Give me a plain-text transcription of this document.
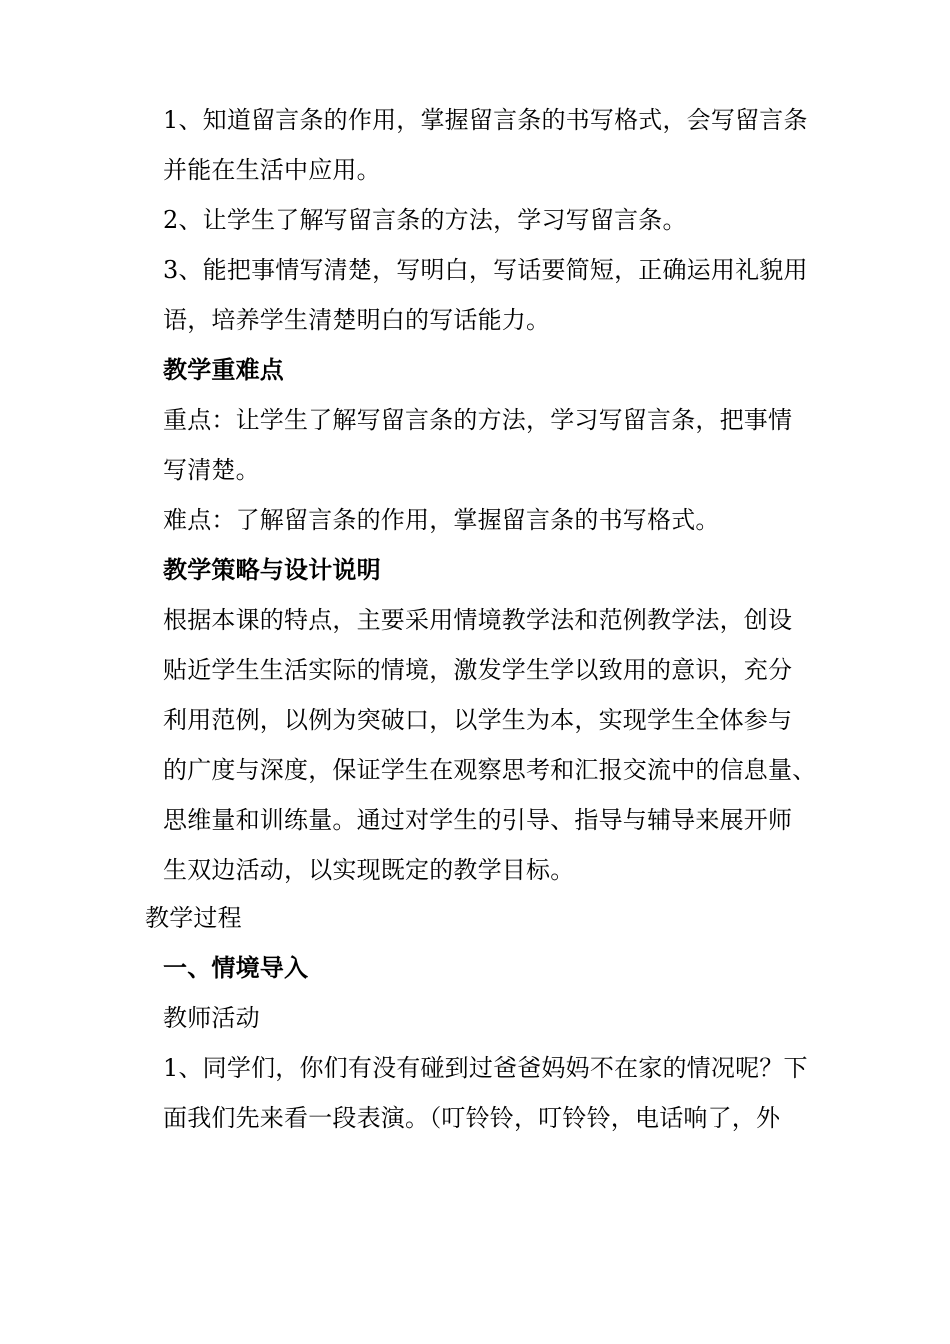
1、知道留言条的作用，掌握留言条的书写格式，会写留言条
并能在生活中应用。
2、让学生了解写留言条的方法，学习写留言条。
3、能把事情写清楚，写明白，写话要简短，正确运用礼貌用
语，培养学生清楚明白的写话能力。
教学重难点
重点：让学生了解写留言条的方法，学习写留言条，把事情
写清楚。
难点：了解留言条的作用，掌握留言条的书写格式。
教学策略与设计说明
根据本课的特点，主要采用情境教学法和范例教学法，创设
贴近学生生活实际的情境，激发学生学以致用的意识，充分
利用范例，以例为突破口，以学生为本，实现学生全体参与
的广度与深度，保证学生在观察思考和汇报交流中的信息量、
思维量和训练量。通过对学生的引导、指导与辅导来展开师
生双边活动，以实现既定的教学目标。
教学过程
一、情境导入
教师活动
1、同学们，你们有没有碰到过爸爸妈妈不在家的情况呢？下
面我们先来看一段表演。（叮铃铃，叮铃铃，电话响了，外
